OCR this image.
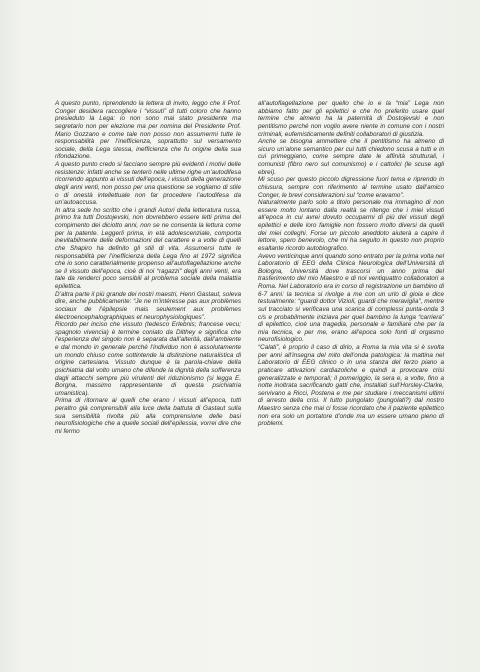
A questo punto, riprendendo la lettera di invito, leggo che il Prof. Conger desidera raccogliere i “vissuti” di tutti coloro che hanno presieduto la Lega: io non sono mai stato presidente ma segretario non per elezione ma per nomina del Presidente Prof. Mario Gozzano e come tale non posso non assumermi tutte le responsabilità per l’inefficienza, soprattutto sul versamento sociale, della Lega stessa, inefficienza che fu origine della sua rifondazione.

A questo punto credo si facciano sempre più evidenti i motivi delle resistenze: infatti anche se tenterò nelle ultime righe un’autodifesa ricorrendo appunto ai vissuti dell’epoca, i vissuti della generazione degli anni venti, non posso per una questione se vogliamo di stile o di onestà intellettuale non far procedere l’autodifesa da un’autoaccusa.

In altra sede ho scritto che i grandi Autori della letteratura russa, primo fra tutti Dostojevski, non dovrebbero essere letti prima del compimento dei diciotto anni, non se ne consenta la lettura come per la patente. Leggerli prima, in età adolescenziale, comporta inevitabilmente delle deformazioni del carattere e a volte di quelli che Shapiro ha definito gli stili di vita. Assumersi tutte le responsabilità per l’inefficienza della Lega fino al 1972 significa che io sono caratterialmente propenso all’autoflagellazione anche se il vissuto dell’epoca, cioè di noi “ragazzi” degli anni venti, era tale da renderci poco sensibili al problema sociale della malattia epilettica.

D’altra parte il più grande dei nostri maestri, Henri Gastaut, soleva dire, anche pubblicamente: “Je ne m’intéresse pas aux problèmes sociaux de l’épilepsie mais seulement aux problèmes électroencephalographiques et neurophysiologiques”.

Ricordo per inciso che vissuto (tedesco Erlebnis; francese vecu; spagnolo vivencia) è termine coniato da Dilthey e significa che l’esperienza del singolo non è separata dall’alterità, dall’ambiente e dal mondo in generale perché l’individuo non è assolutamente un mondo chiuso come sottintende la distinzione naturalistica di origine cartesiana. Vissuto dunque è la parola-chiave della psichiatria dal volto umano che difende la dignità della sofferenza dagli attacchi sempre più virulenti del riduzionismo (si legga E. Borgna, massimo rappresentante di questa psichiatria umanistica).

Prima di ritornare ai quelli che erano i vissuti all’epoca, tutti peraltro già comprensibili alla luce della battuta di Gastaut sulla sua sensibilità rivolta più alla comprensione delle basi neurofisiologiche che a quelle sociali dell’epilessia, vorrei dire che mi fermo

all’autoflagellazione per quello che io e la “mia” Lega non abbiamo fatto per gli epilettici e che ho preferito usare quel termine che almeno ha la paternità di Dostojevski e non pentitismo perché non voglio avere niente in comune con i nostri criminali, eufemisticamente definiti collaboratori di giustizia.

Anche se bisogna ammettere che il pentitismo ha almeno di sicuro un’alone semantico per cui tutti chiedono scusa a tutti e in cui primeggiano, come sempre date le affinità strutturali, i comunisti (fibro nero sul comunismo) e i cattolici (le scuse agli ebrei).

Mi scuso per questo piccolo digressione fuori tema e riprendo in chiusura, sempre con riferimento al termine usato dall’amico Conger, le brevi considerazioni sul “come eravamo”.

Naturalmente parlo solo a titolo personale ma immagino di non essere molto lontano dalla realtà se ritengo che i miei vissuti all’epoca in cui avrei dovuto occuparmi di più dei vissuti degli epilettici e delle loro famiglie non fossero molto diversi da quelli dei miei colleghi. Forse un piccolo aneddoto aiuterà a capire il lettore, spero benevolo, che mi ha seguito in questo non proprio esaltante ricordo autobiografico.

Avevo venticinque anni quando sono entrato per la prima volta nel Laboratorio di EEG della Clinica Neurologica dell’Università di Bologna, Università dove trascorsi un anno prima del trasferimento del mio Maestro e di noi ventiquattro collaboratori a Roma. Nel Laboratorio era in corso di registrazione un bambino di 6-7 anni: la tecnica si rivolge a me con un urlo di gioia e dice testualmente: “guardi dottor Vizioli, guardi che meraviglia”, mentre sul tracciato si verificava una scarica di complessi punta-onda 3 c/s e probabilmente iniziava per quel bambino la lunga “carriera” di epilettico, cioè una tragedia, personale e familiare che per la mia tecnica, e per me, erano all’epoca solo fonti di orgasmo neurofisiologico.

“Calati”, è proprio il caso di dirlo, a Roma la mia vita si è svolta per anni all’insegna del mito dell’onda patologica: la mattina nel Laboratorio di EEG clinico o in una stanza del terzo piano a praticare attivazioni cardiazoliche e quindi a provocare crisi generalizzate e temporali; il pomeriggio, la sera e, a volte, fino a notte inoltrata sacrificando gatti che, installati sull’Horsley-Clarke, servivano a Ricci, Postena e me per studiare i meccanismi ultimi di arresto della crisi. Il tutto pungolato (pungolati?) dal nostro Maestro senza che mai ci fosse ricordato che il paziente epilettico non era solo un portatore d’onde ma un essere umano pieno di problemi.
